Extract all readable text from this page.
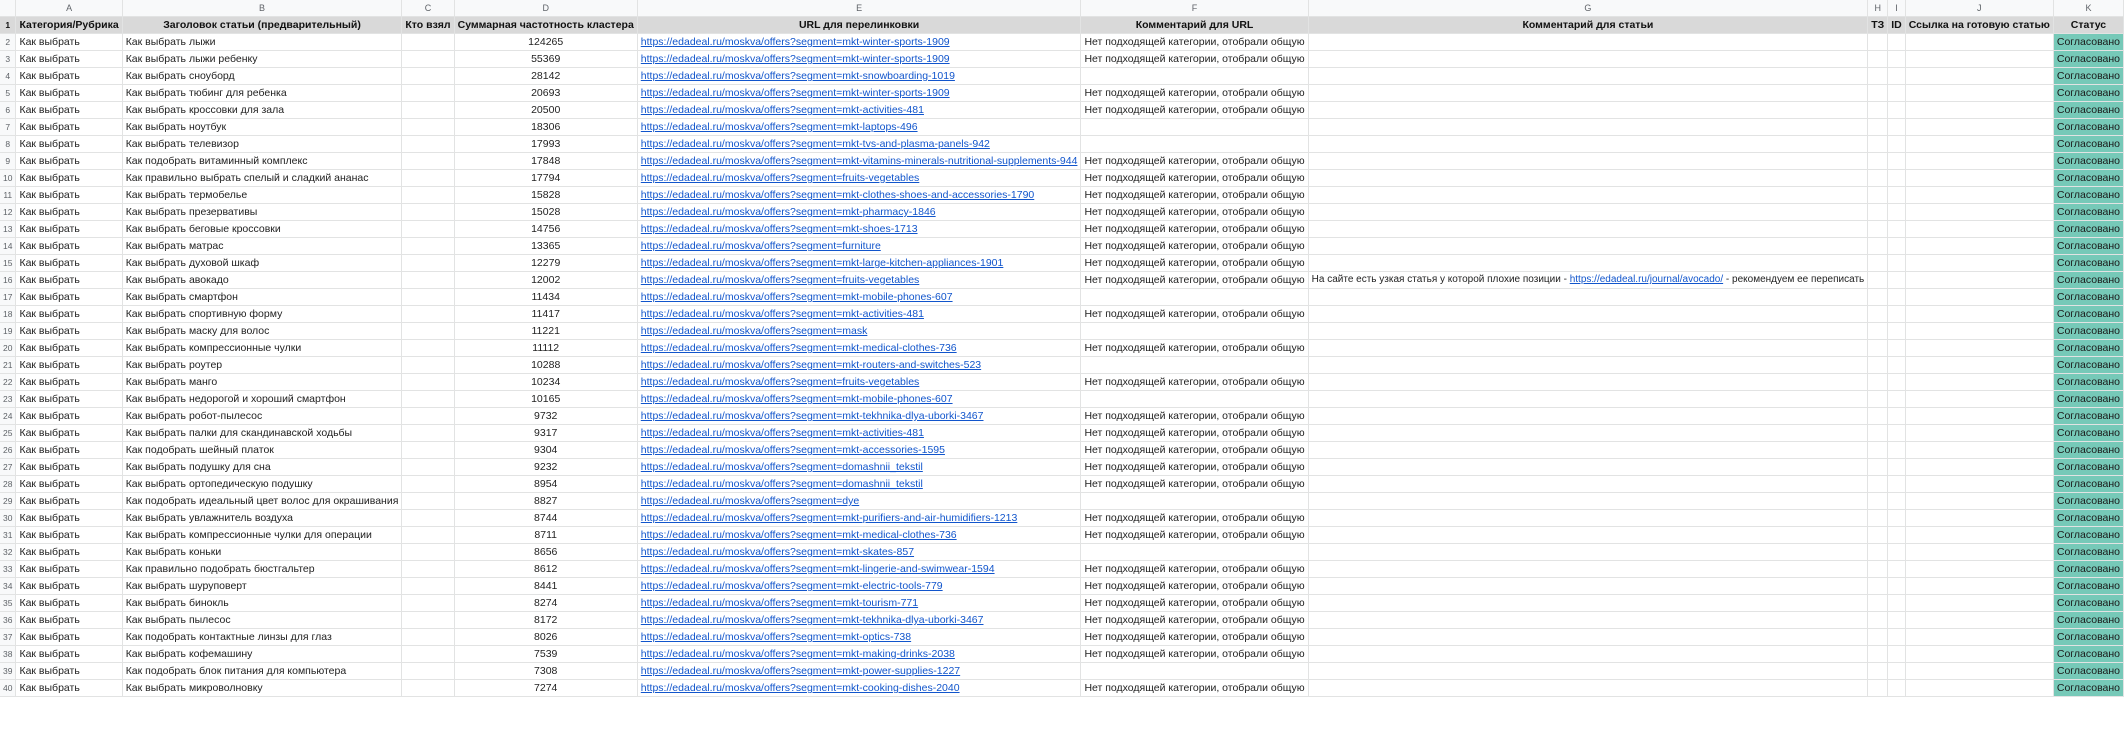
	A	B	C	D	E	F	G	H	I	J	K
1	Категория/Рубрика	Заголовок статьи (предварительный)	Кто взял	Суммарная частотность кластера	URL для перелинковки	Комментарий для URL	Комментарий для статьи	ТЗ	ID	Ссылка на готовую статью	Статус
2	Как выбрать	Как выбрать лыжи		124265	https://edadeal.ru/moskva/offers?segment=mkt-winter-sports-1909	Нет подходящей категории, отобрали общую					Согласовано
3	Как выбрать	Как выбрать лыжи ребенку		55369	https://edadeal.ru/moskva/offers?segment=mkt-winter-sports-1909	Нет подходящей категории, отобрали общую					Согласовано
4	Как выбрать	Как выбрать сноуборд		28142	https://edadeal.ru/moskva/offers?segment=mkt-snowboarding-1019						Согласовано
5	Как выбрать	Как выбрать тюбинг для ребенка		20693	https://edadeal.ru/moskva/offers?segment=mkt-winter-sports-1909	Нет подходящей категории, отобрали общую					Согласовано
6	Как выбрать	Как выбрать кроссовки для зала		20500	https://edadeal.ru/moskva/offers?segment=mkt-activities-481	Нет подходящей категории, отобрали общую					Согласовано
7	Как выбрать	Как выбрать ноутбук		18306	https://edadeal.ru/moskva/offers?segment=mkt-laptops-496						Согласовано
8	Как выбрать	Как выбрать телевизор		17993	https://edadeal.ru/moskva/offers?segment=mkt-tvs-and-plasma-panels-942						Согласовано
9	Как выбрать	Как подобрать витаминный комплекс		17848	https://edadeal.ru/moskva/offers?segment=mkt-vitamins-minerals-nutritional-supplements-944	Нет подходящей категории, отобрали общую					Согласовано
10	Как выбрать	Как правильно выбрать спелый и сладкий ананас		17794	https://edadeal.ru/moskva/offers?segment=fruits-vegetables	Нет подходящей категории, отобрали общую					Согласовано
11	Как выбрать	Как выбрать термобелье		15828	https://edadeal.ru/moskva/offers?segment=mkt-clothes-shoes-and-accessories-1790	Нет подходящей категории, отобрали общую					Согласовано
12	Как выбрать	Как выбрать презервативы		15028	https://edadeal.ru/moskva/offers?segment=mkt-pharmacy-1846	Нет подходящей категории, отобрали общую					Согласовано
13	Как выбрать	Как выбрать беговые кроссовки		14756	https://edadeal.ru/moskva/offers?segment=mkt-shoes-1713	Нет подходящей категории, отобрали общую					Согласовано
14	Как выбрать	Как выбрать матрас		13365	https://edadeal.ru/moskva/offers?segment=furniture	Нет подходящей категории, отобрали общую					Согласовано
15	Как выбрать	Как выбрать духовой шкаф		12279	https://edadeal.ru/moskva/offers?segment=mkt-large-kitchen-appliances-1901	Нет подходящей категории, отобрали общую					Согласовано
16	Как выбрать	Как выбрать авокадо		12002	https://edadeal.ru/moskva/offers?segment=fruits-vegetables	Нет подходящей категории, отобрали общую	На сайте есть узкая статья у которой плохие позиции - https://edadeal.ru/journal/avocado/ - рекомендуем ее переписать				Согласовано
17	Как выбрать	Как выбрать смартфон		11434	https://edadeal.ru/moskva/offers?segment=mkt-mobile-phones-607						Согласовано
18	Как выбрать	Как выбрать спортивную форму		11417	https://edadeal.ru/moskva/offers?segment=mkt-activities-481	Нет подходящей категории, отобрали общую					Согласовано
19	Как выбрать	Как выбрать маску для волос		11221	https://edadeal.ru/moskva/offers?segment=mask						Согласовано
20	Как выбрать	Как выбрать компрессионные чулки		11112	https://edadeal.ru/moskva/offers?segment=mkt-medical-clothes-736	Нет подходящей категории, отобрали общую					Согласовано
21	Как выбрать	Как выбрать роутер		10288	https://edadeal.ru/moskva/offers?segment=mkt-routers-and-switches-523						Согласовано
22	Как выбрать	Как выбрать манго		10234	https://edadeal.ru/moskva/offers?segment=fruits-vegetables	Нет подходящей категории, отобрали общую					Согласовано
23	Как выбрать	Как выбрать недорогой и хороший смартфон		10165	https://edadeal.ru/moskva/offers?segment=mkt-mobile-phones-607						Согласовано
24	Как выбрать	Как выбрать робот-пылесос		9732	https://edadeal.ru/moskva/offers?segment=mkt-tekhnika-dlya-uborki-3467	Нет подходящей категории, отобрали общую					Согласовано
25	Как выбрать	Как выбрать палки для скандинавской ходьбы		9317	https://edadeal.ru/moskva/offers?segment=mkt-activities-481	Нет подходящей категории, отобрали общую					Согласовано
26	Как выбрать	Как подобрать шейный платок		9304	https://edadeal.ru/moskva/offers?segment=mkt-accessories-1595	Нет подходящей категории, отобрали общую					Согласовано
27	Как выбрать	Как выбрать подушку для сна		9232	https://edadeal.ru/moskva/offers?segment=domashnii_tekstil	Нет подходящей категории, отобрали общую					Согласовано
28	Как выбрать	Как выбрать ортопедическую подушку		8954	https://edadeal.ru/moskva/offers?segment=domashnii_tekstil	Нет подходящей категории, отобрали общую					Согласовано
29	Как выбрать	Как подобрать идеальный цвет волос для окрашивания		8827	https://edadeal.ru/moskva/offers?segment=dye						Согласовано
30	Как выбрать	Как выбрать увлажнитель воздуха		8744	https://edadeal.ru/moskva/offers?segment=mkt-purifiers-and-air-humidifiers-1213	Нет подходящей категории, отобрали общую					Согласовано
31	Как выбрать	Как выбрать компрессионные чулки для операции		8711	https://edadeal.ru/moskva/offers?segment=mkt-medical-clothes-736	Нет подходящей категории, отобрали общую					Согласовано
32	Как выбрать	Как выбрать коньки		8656	https://edadeal.ru/moskva/offers?segment=mkt-skates-857						Согласовано
33	Как выбрать	Как правильно подобрать бюстгальтер		8612	https://edadeal.ru/moskva/offers?segment=mkt-lingerie-and-swimwear-1594	Нет подходящей категории, отобрали общую					Согласовано
34	Как выбрать	Как выбрать шуруповерт		8441	https://edadeal.ru/moskva/offers?segment=mkt-electric-tools-779	Нет подходящей категории, отобрали общую					Согласовано
35	Как выбрать	Как выбрать бинокль		8274	https://edadeal.ru/moskva/offers?segment=mkt-tourism-771	Нет подходящей категории, отобрали общую					Согласовано
36	Как выбрать	Как выбрать пылесос		8172	https://edadeal.ru/moskva/offers?segment=mkt-tekhnika-dlya-uborki-3467	Нет подходящей категории, отобрали общую					Согласовано
37	Как выбрать	Как подобрать контактные линзы для глаз		8026	https://edadeal.ru/moskva/offers?segment=mkt-optics-738	Нет подходящей категории, отобрали общую					Согласовано
38	Как выбрать	Как выбрать кофемашину		7539	https://edadeal.ru/moskva/offers?segment=mkt-making-drinks-2038	Нет подходящей категории, отобрали общую					Согласовано
39	Как выбрать	Как подобрать блок питания для компьютера		7308	https://edadeal.ru/moskva/offers?segment=mkt-power-supplies-1227						Согласовано
40	Как выбрать	Как выбрать микроволновку		7274	https://edadeal.ru/moskva/offers?segment=mkt-cooking-dishes-2040	Нет подходящей категории, отобрали общую					Согласовано
